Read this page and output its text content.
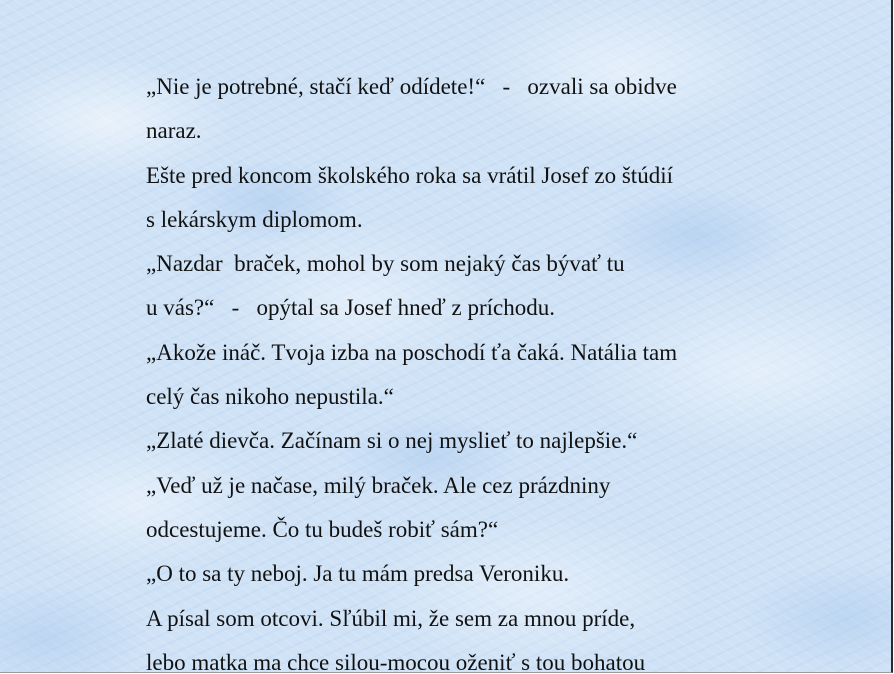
„Nie je potrebné, stačí keď odídete!“   -   ozvali sa obidve
naraz.
Ešte pred koncom školského roka sa vrátil Josef zo štúdií
s lekárskym diplomom.
„Nazdar  braček, mohol by som nejaký čas bývať tu
u vás?“   -   opýtal sa Josef hneď z príchodu.
„Akože ináč. Tvoja izba na poschodí ťa čaká. Natália tam
celý čas nikoho nepustila.“
„Zlaté dievča. Začínam si o nej myslieť to najlepšie.“
„Veď už je načase, milý braček. Ale cez prázdniny
odcestujeme. Čo tu budeš robiť sám?“
„O to sa ty neboj. Ja tu mám predsa Veroniku.
A písal som otcovi. Sľúbil mi, že sem za mnou príde,
lebo matka ma chce silou-mocou oženiť s tou bohatou
